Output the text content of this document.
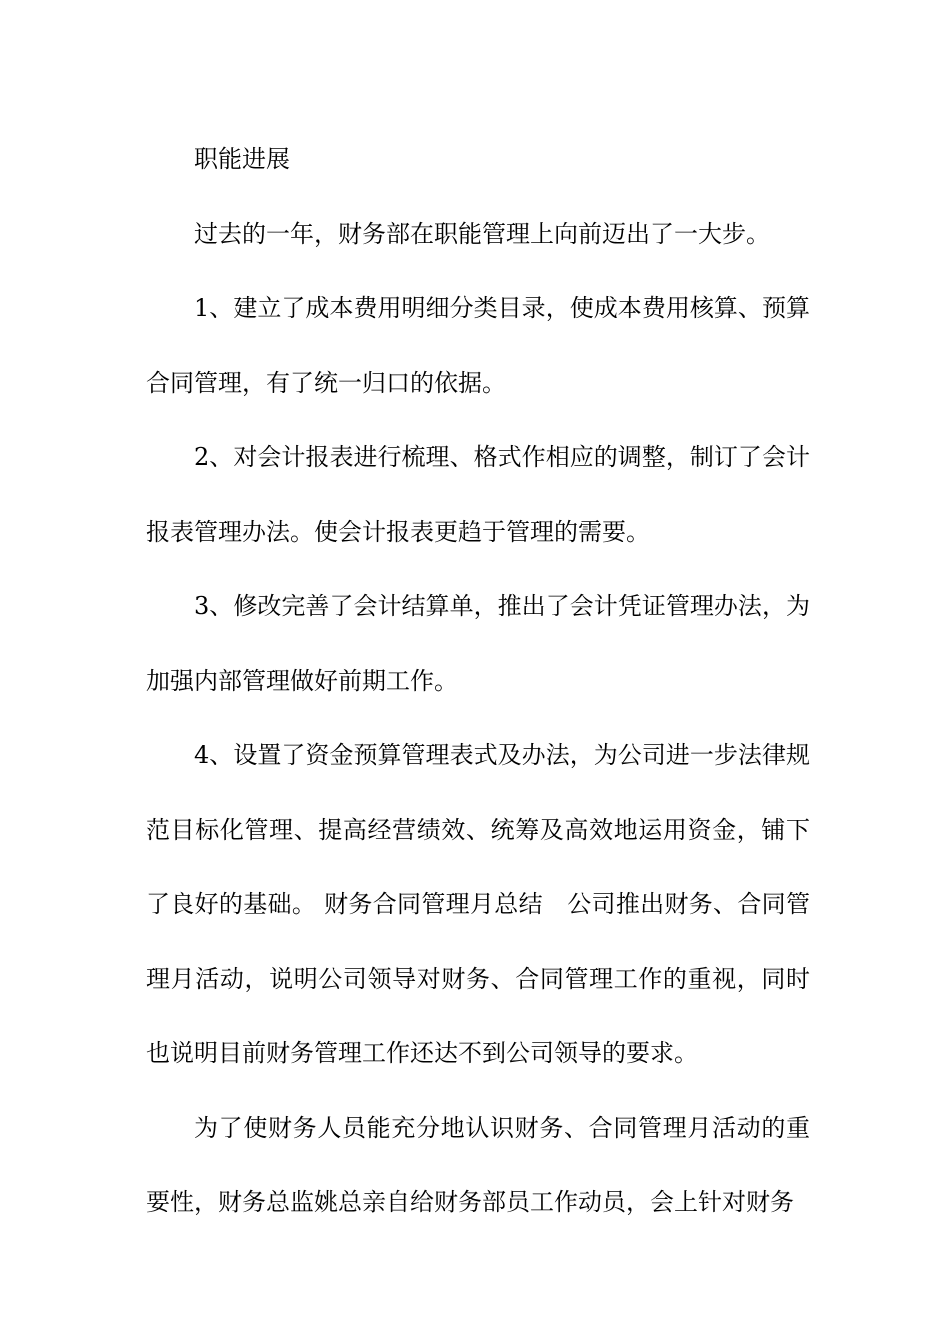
职能进展

过去的一年，财务部在职能管理上向前迈出了一大步。

1、建立了成本费用明细分类目录，使成本费用核算、预算合同管理，有了统一归口的依据。

2、对会计报表进行梳理、格式作相应的调整，制订了会计报表管理办法。使会计报表更趋于管理的需要。

3、修改完善了会计结算单，推出了会计凭证管理办法，为加强内部管理做好前期工作。

4、设置了资金预算管理表式及办法，为公司进一步法律规范目标化管理、提高经营绩效、统筹及高效地运用资金，铺下了良好的基础。 财务合同管理月总结　公司推出财务、合同管理月活动，说明公司领导对财务、合同管理工作的重视，同时也说明目前财务管理工作还达不到公司领导的要求。

为了使财务人员能充分地认识财务、合同管理月活动的重要性，财务总监姚总亲自给财务部员工作动员，会上针对财务
